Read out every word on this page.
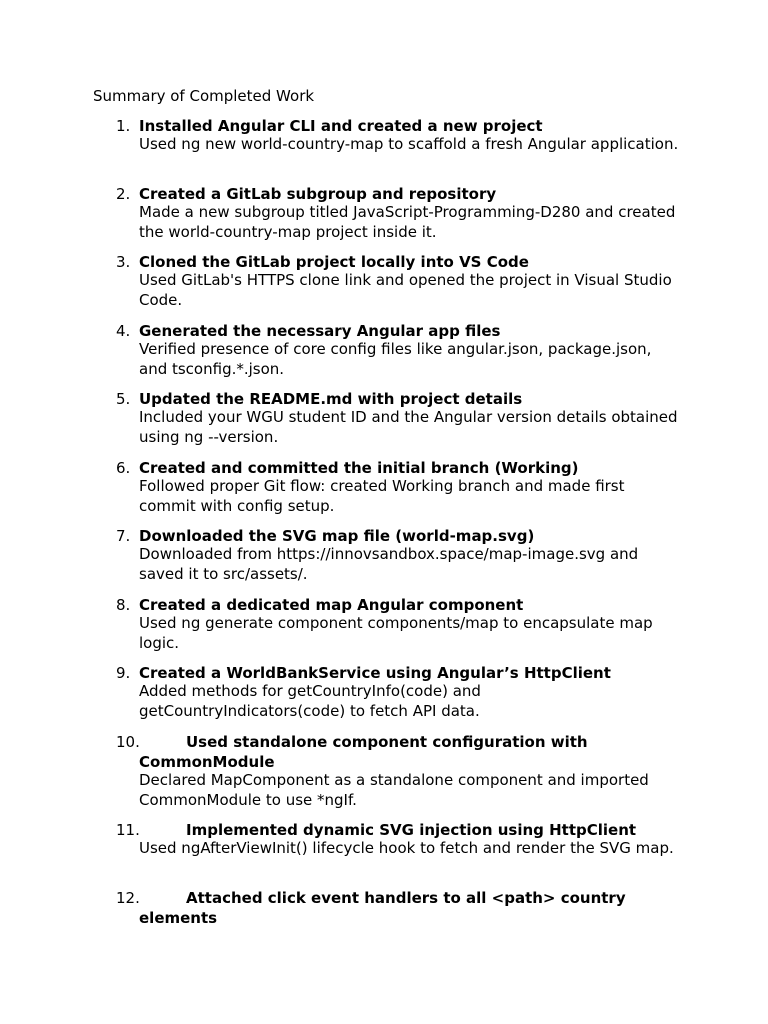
Summary of Completed Work
1. Installed Angular CLI and created a new project
Used ng new world-country-map to scaffold a fresh Angular application.
2. Created a GitLab subgroup and repository
Made a new subgroup titled JavaScript-Programming-D280 and created the world-country-map project inside it.
3. Cloned the GitLab project locally into VS Code
Used GitLab's HTTPS clone link and opened the project in Visual Studio Code.
4. Generated the necessary Angular app files
Verified presence of core config files like angular.json, package.json, and tsconfig.*.json.
5. Updated the README.md with project details
Included your WGU student ID and the Angular version details obtained using ng --version.
6. Created and committed the initial branch (Working)
Followed proper Git flow: created Working branch and made first commit with config setup.
7. Downloaded the SVG map file (world-map.svg)
Downloaded from https://innovsandbox.space/map-image.svg and saved it to src/assets/.
8. Created a dedicated map Angular component
Used ng generate component components/map to encapsulate map logic.
9. Created a WorldBankService using Angular’s HttpClient
Added methods for getCountryInfo(code) and getCountryIndicators(code) to fetch API data.
10.	Used standalone component configuration with CommonModule
Declared MapComponent as a standalone component and imported CommonModule to use *ngIf.
11.	Implemented dynamic SVG injection using HttpClient
Used ngAfterViewInit() lifecycle hook to fetch and render the SVG map.
12.	Attached click event handlers to all <path> country elements
